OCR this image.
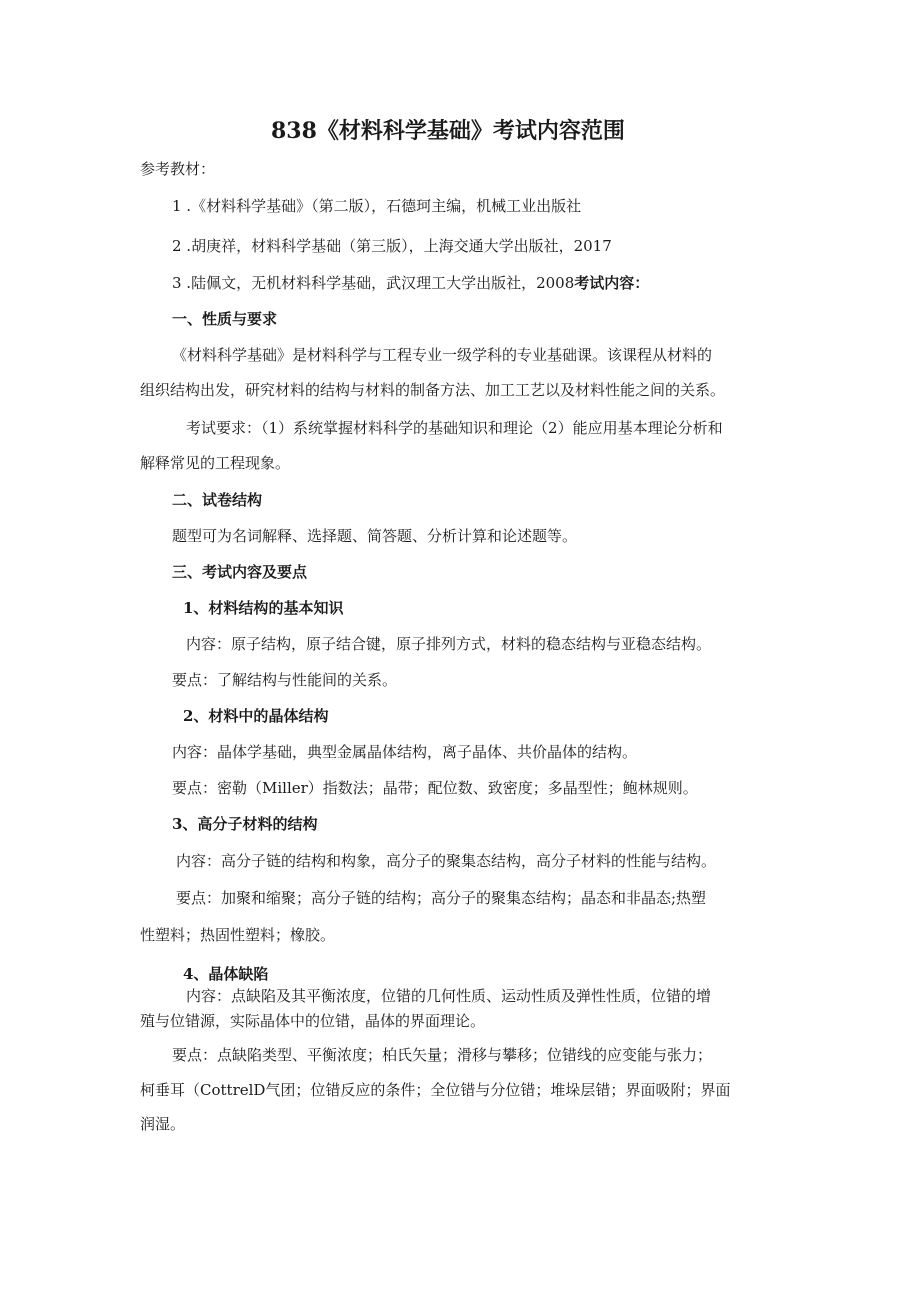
838《材料科学基础》考试内容范围
参考教材：
1 .《材料科学基础》（第二版），石德珂主编，机械工业出版社
2 .胡庚祥，材料科学基础（第三版），上海交通大学出版社，2017
3 .陆佩文，无机材料科学基础，武汉理工大学出版社，2008考试内容：
一、性质与要求
《材料科学基础》是材料科学与工程专业一级学科的专业基础课。该课程从材料的
组织结构出发，研究材料的结构与材料的制备方法、加工工艺以及材料性能之间的关系。
考试要求：（1）系统掌握材料科学的基础知识和理论（2）能应用基本理论分析和
解释常见的工程现象。
二、试卷结构
题型可为名词解释、选择题、简答题、分析计算和论述题等。
三、考试内容及要点
1、材料结构的基本知识
内容：原子结构，原子结合键，原子排列方式，材料的稳态结构与亚稳态结构。
要点：了解结构与性能间的关系。
2、材料中的晶体结构
内容：晶体学基础，典型金属晶体结构，离子晶体、共价晶体的结构。
要点：密勒（Miller）指数法；晶带；配位数、致密度；多晶型性；鲍林规则。
3、高分子材料的结构
内容：高分子链的结构和构象，高分子的聚集态结构，高分子材料的性能与结构。
要点：加聚和缩聚；高分子链的结构；高分子的聚集态结构；晶态和非晶态;热塑
性塑料；热固性塑料；橡胶。
4、晶体缺陷
内容：点缺陷及其平衡浓度，位错的几何性质、运动性质及弹性性质，位错的增
殖与位错源，实际晶体中的位错，晶体的界面理论。
要点：点缺陷类型、平衡浓度；柏氏矢量；滑移与攀移；位错线的应变能与张力；
柯垂耳（CottrelD气团；位错反应的条件；全位错与分位错；堆垛层错；界面吸附；界面
润湿。
